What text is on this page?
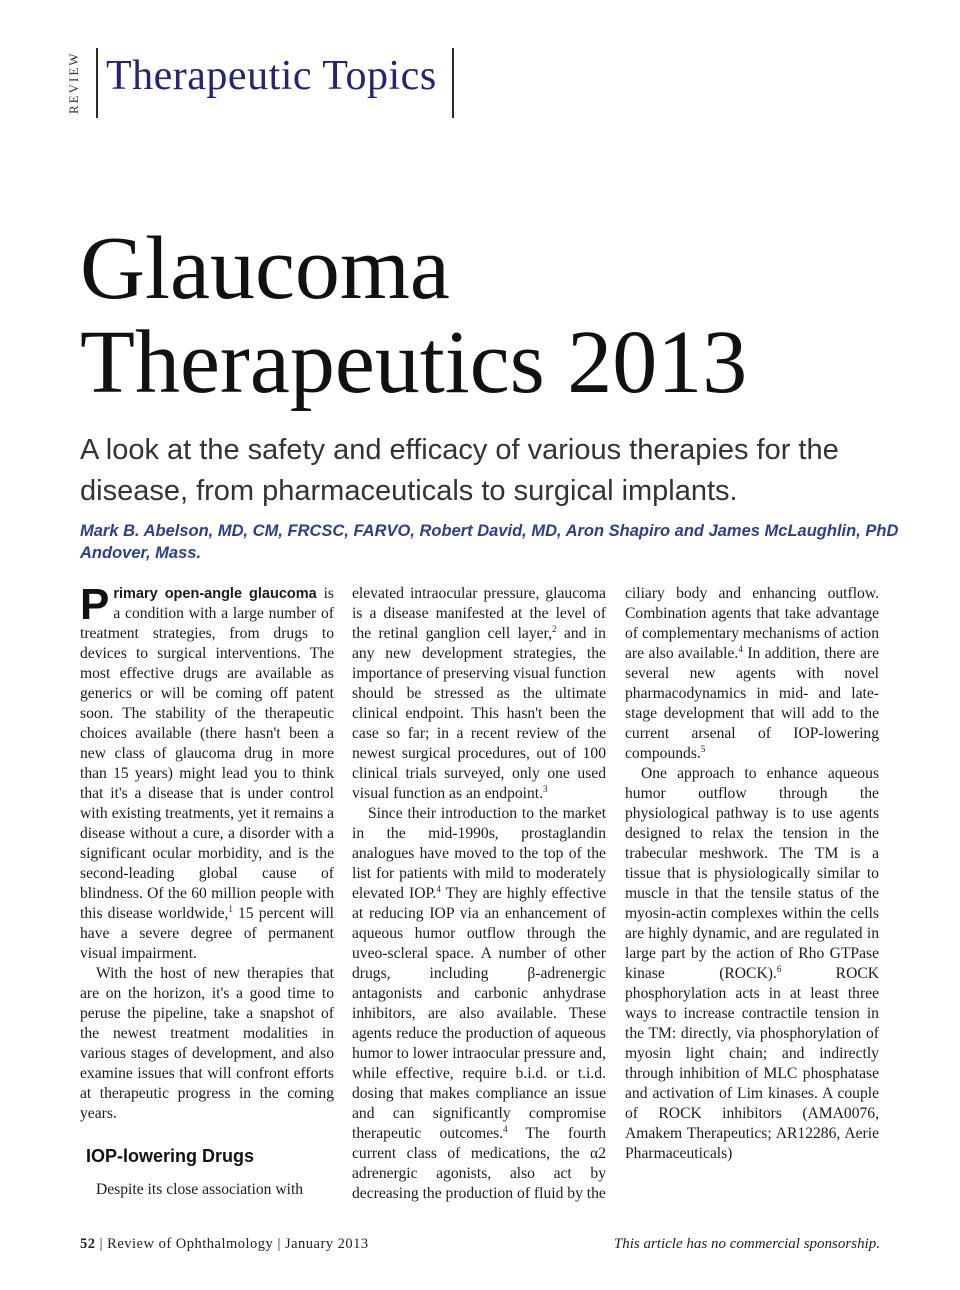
REVIEW Therapeutic Topics
Glaucoma
Therapeutics 2013

A look at the safety and efficacy of various therapies for the disease, from pharmaceuticals to surgical implants.

Mark B. Abelson, MD, CM, FRCSC, FARVO, Robert David, MD, Aron Shapiro and James McLaughlin, PhD
Andover, Mass.

Primary open-angle glaucoma is a condition with a large number of treatment strategies, from drugs to devices to surgical interventions. The most effective drugs are available as generics or will be coming off patent soon. The stability of the therapeutic choices available (there hasn't been a new class of glaucoma drug in more than 15 years) might lead you to think that it's a disease that is under control with existing treatments, yet it remains a disease without a cure, a disorder with a significant ocular morbidity, and is the second-leading global cause of blindness. Of the 60 million people with this disease worldwide,$^1$ 15 percent will have a severe degree of permanent visual impairment.

With the host of new therapies that are on the horizon, it's a good time to peruse the pipeline, take a snapshot of the newest treatment modalities in various stages of development, and also examine issues that will confront efforts at therapeutic progress in the coming years.

IOP-lowering Drugs

Despite its close association with

elevated intraocular pressure, glaucoma is a disease manifested at the level of the retinal ganglion cell layer,$^2$ and in any new development strategies, the importance of preserving visual function should be stressed as the ultimate clinical endpoint. This hasn't been the case so far; in a recent review of the newest surgical procedures, out of 100 clinical trials surveyed, only one used visual function as an endpoint.$^3$

Since their introduction to the market in the mid-1990s, prostaglandin analogues have moved to the top of the list for patients with mild to moderately elevated IOP.$^4$ They are highly effective at reducing IOP via an enhancement of aqueous humor outflow through the uveo-scleral space. A number of other drugs, including β-adrenergic antagonists and carbonic anhydrase inhibitors, are also available. These agents reduce the production of aqueous humor to lower intraocular pressure and, while effective, require b.i.d. or t.i.d. dosing that makes compliance an issue and can significantly compromise therapeutic outcomes.$^4$ The fourth current class of medications, the α2 adrenergic agonists, also act by decreasing the production of fluid by the

ciliary body and enhancing outflow. Combination agents that take advantage of complementary mechanisms of action are also available.$^4$ In addition, there are several new agents with novel pharmacodynamics in mid- and late-stage development that will add to the current arsenal of IOP-lowering compounds.$^5$

One approach to enhance aqueous humor outflow through the physiological pathway is to use agents designed to relax the tension in the trabecular meshwork. The TM is a tissue that is physiologically similar to muscle in that the tensile status of the myosin-actin complexes within the cells are highly dynamic, and are regulated in large part by the action of Rho GTPase kinase	(ROCK).$^6$	ROCK phosphorylation acts in at least three ways to increase contractile tension in the TM: directly, via phosphorylation of myosin light chain; and indirectly through inhibition of MLC phosphatase and activation of Lim kinases. A couple of ROCK inhibitors (AMA0076, Amakem Therapeutics; AR12286, Aerie Pharmaceuticals)

52 | Review of Ophthalmology | January 2013	This article has no commercial sponsorship.
